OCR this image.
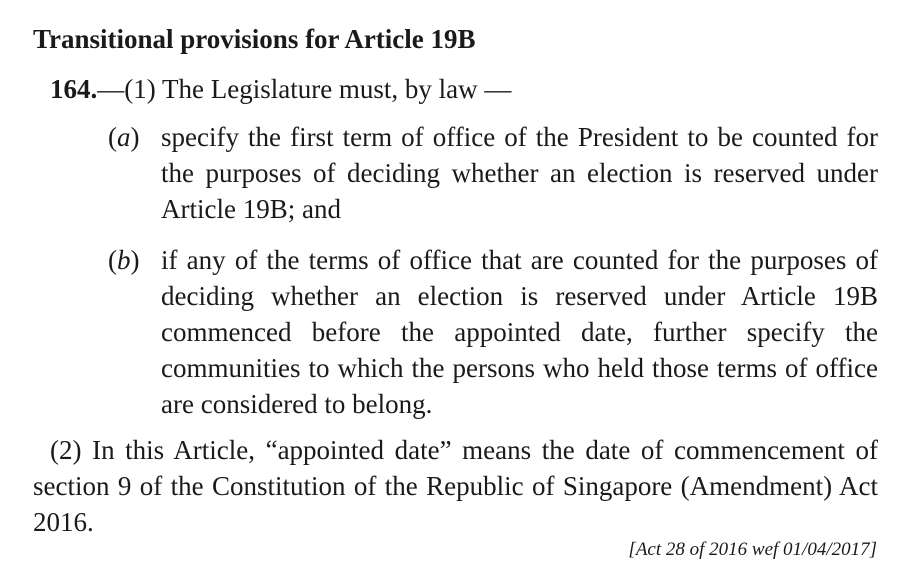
Transitional provisions for Article 19B
164.—(1) The Legislature must, by law —
(a) specify the first term of office of the President to be counted for the purposes of deciding whether an election is reserved under Article 19B; and
(b) if any of the terms of office that are counted for the purposes of deciding whether an election is reserved under Article 19B commenced before the appointed date, further specify the communities to which the persons who held those terms of office are considered to belong.
(2) In this Article, “appointed date” means the date of commencement of section 9 of the Constitution of the Republic of Singapore (Amendment) Act 2016.
[Act 28 of 2016 wef 01/04/2017]
